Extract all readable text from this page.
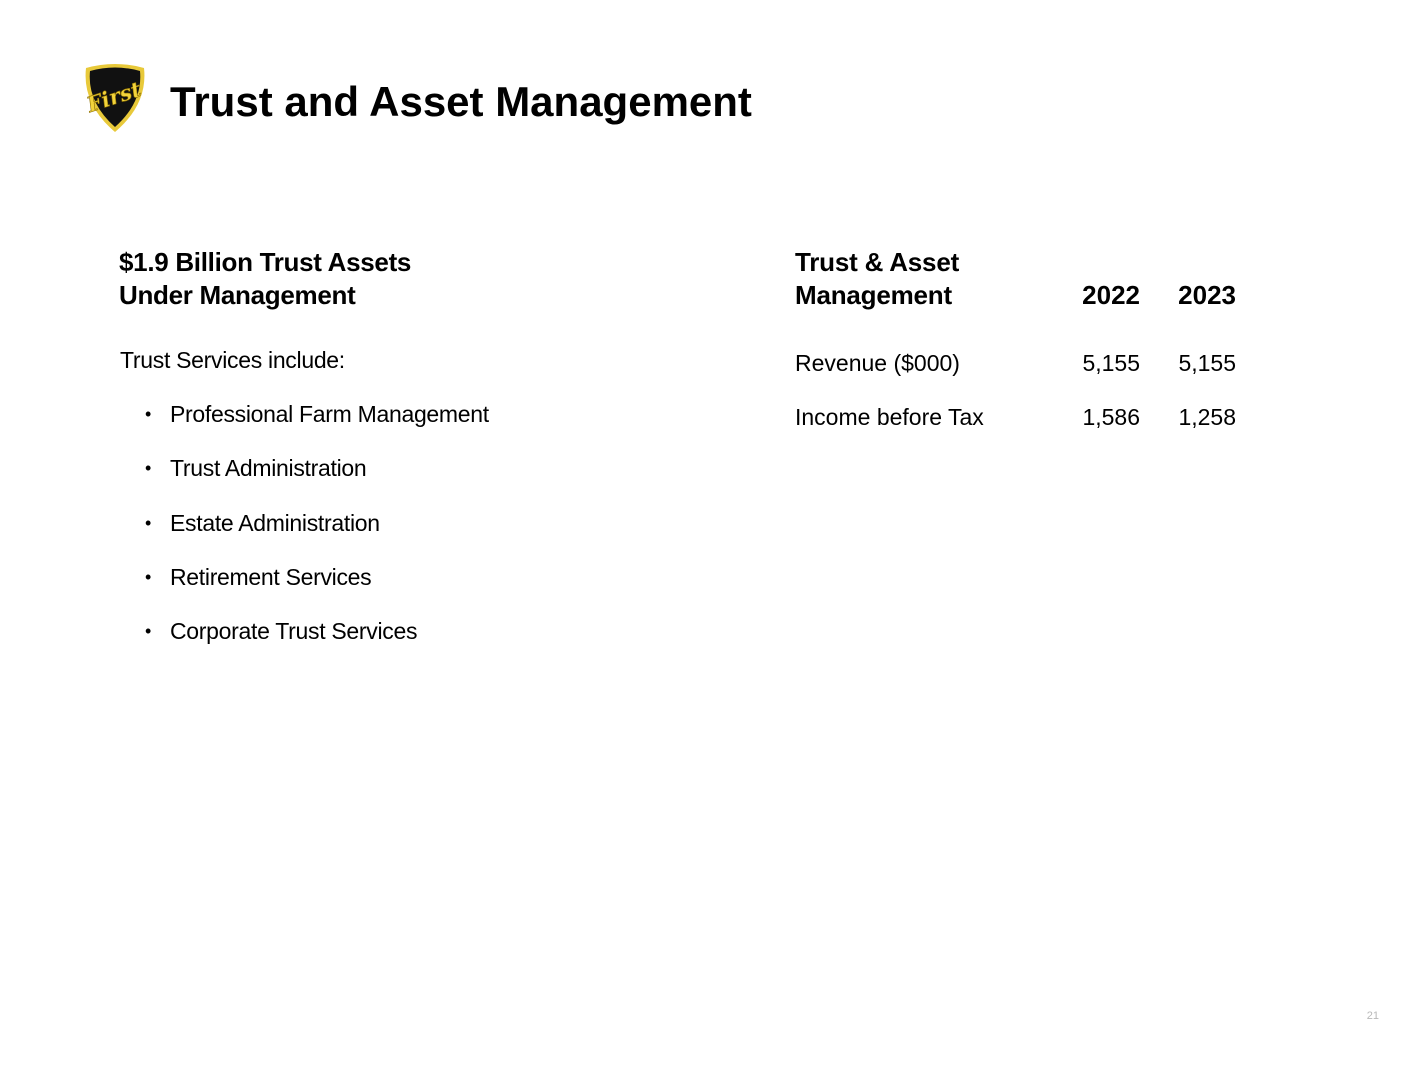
First Trust and Asset Management
$1.9 Billion Trust Assets
Under Management
Trust Services include:
• Professional Farm Management
• Trust Administration
• Estate Administration
• Retirement Services
• Corporate Trust Services
Trust & Asset
Management	2022	2023
Revenue ($000)	5,155	5,155
Income before Tax	1,586	1,258
21
